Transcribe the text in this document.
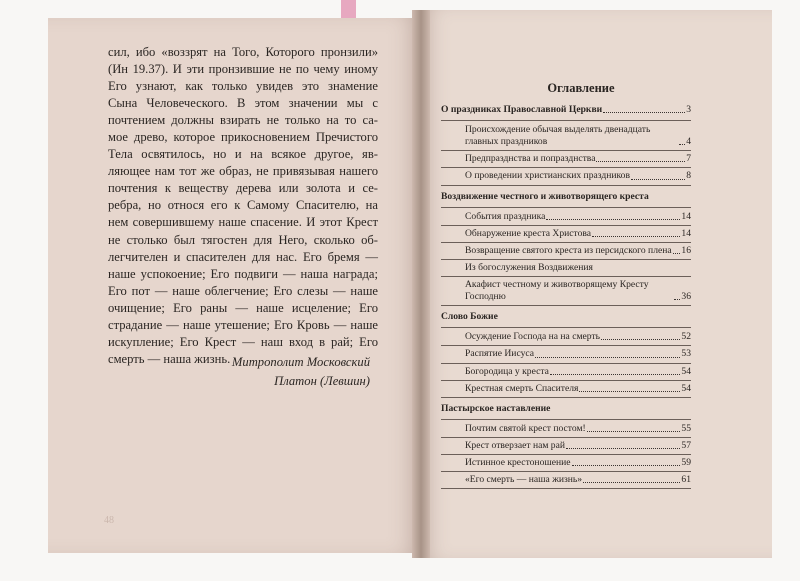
сил, ибо «воззрят на Того, Которого пронзили»
(Ин 19.37). И эти пронзившие не по чему иному
Его узнают, как только увидев это знамение
Сына Человеческого. В этом значении мы с
почтением должны взирать не только на то са-
мое древо, которое прикосновением Пречистого
Тела освятилось, но и на всякое другое, яв-
ляющее нам тот же образ, не привязывая нашего
почтения к веществу дерева или золота и се-
ребра, но относя его к Самому Спасителю, на
нем совершившему наше спасение. И этот Крест
не столько был тягостен для Него, сколько об-
легчителен и спасителен для нас. Его бремя —
наше успокоение; Его подвиги — наша награда;
Его пот — наше облегчение; Его слезы — наше
очищение; Его раны — наше исцеление; Его
страдание — наше утешение; Его Кровь — наше
искупление; Его Крест — наш вход в рай; Его
смерть — наша жизнь. Митрополит Московский
Платон (Левшин)
48
Оглавление
О праздниках Православной Церкви	3
Происхождение обычая выделять двенадцать главных праздников	4
Предпразднства и попразднства	7
О проведении христианских праздников	8
Воздвижение честного и животворящего креста
События праздника	14
Обнаружение креста Христова	14
Возвращение святого креста из персидского плена 16
Из богослужения Воздвижения
Акафист честному и животворящему Кресту Господню	36
Слово Божие
Осуждение Господа на на смерть	52
Распятие Иисуса	53
Богородица у креста	54
Крестная смерть Спасителя	54
Пастырское наставление
Почтим святой крест постом!	55
Крест отверзает нам рай	57
Истинное крестоношение	59
«Его смерть — наша жизнь»	61
